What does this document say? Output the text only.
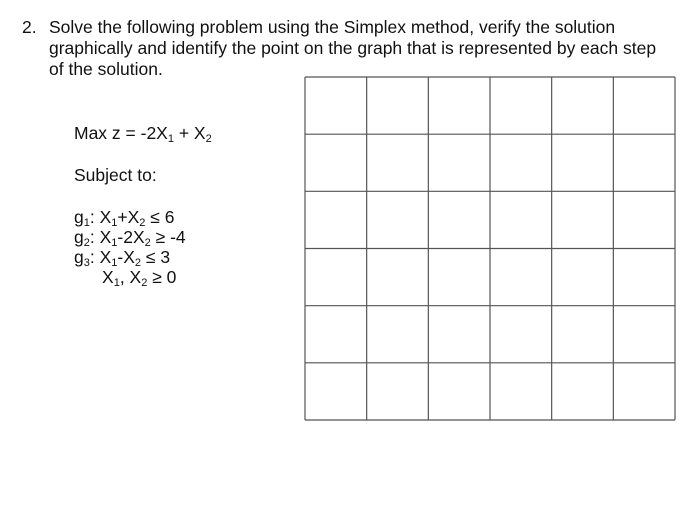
2. Solve the following problem using the Simplex method, verify the solution graphically and identify the point on the graph that is represented by each step of the solution.
Max $z = -2X_1 + X_2$
Subject to:
$g_1$: $X_1+X_2 \le 6$
$g_2$: $X_1-2X_2 \ge -4$
$g_3$: $X_1-X_2 \le 3$
$X_1$, $X_2 \ge 0$
